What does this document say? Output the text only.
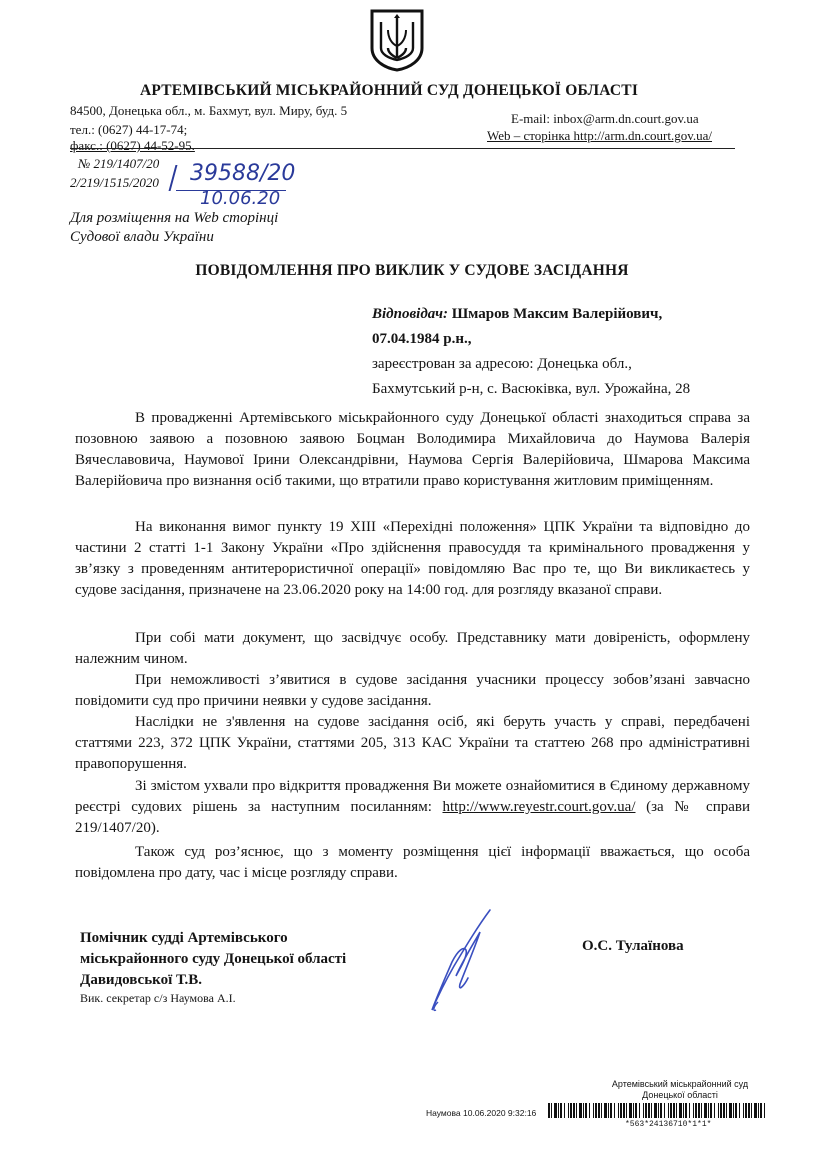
АРТЕМІВСЬКИЙ МІСЬКРАЙОННИЙ СУД ДОНЕЦЬКОЇ ОБЛАСТІ
84500, Донецька обл., м. Бахмут, вул. Миру, буд. 5
тел.: (0627) 44-17-74;
факс.: (0627) 44-52-95.
E-mail: inbox@arm.dn.court.gov.ua
Web – сторінка http://arm.dn.court.gov.ua/
№ 219/1407/20
2/219/1515/2020 39588/20
10.06.20
Для розміщення на Web сторінці
Судової влади України
ПОВІДОМЛЕННЯ ПРО ВИКЛИК У СУДОВЕ ЗАСІДАННЯ
Відповідач: Шмаров Максим Валерійович,
07.04.1984 р.н.,
зареєстрован за адресою: Донецька обл.,
Бахмутський р-н, с. Васюківка, вул. Урожайна, 28

В провадженні Артемівського міськрайонного суду Донецької області знаходиться справа за позовною заявою а позовною заявою Боцман Володимира Михайловича до Наумова Валерія Вячеславовича, Наумової Ірини Олександрівни, Наумова Сергія Валерійовича, Шмарова Максима Валерійовича про визнання осіб такими, що втратили право користування житловим приміщенням.

На виконання вимог пункту 19 XIII «Перехідні положення» ЦПК України та відповідно до частини 2 статті 1-1 Закону України «Про здійснення правосуддя та кримінального провадження у зв’язку з проведенням антитерористичної операції» повідомляю Вас про те, що Ви викликаєтесь у судове засідання, призначене на 23.06.2020 року на 14:00 год. для розгляду вказаної справи.

При собі мати документ, що засвідчує особу. Представнику мати довіреність, оформлену належним чином.

При неможливості з’явитися в судове засідання учасники процессу зобов’язані завчасно повідомити суд про причини неявки у судове засідання.

Наслідки не з'явлення на судове засідання осіб, які беруть участь у справі, передбачені статтями 223, 372 ЦПК України, статтями 205, 313 КАС України та статтею 268 про адміністративні правопорушення.

Зі змістом ухвали про відкриття провадження Ви можете ознайомитися в Єдиному державному реєстрі судових рішень за наступним посиланням: http://www.reyestr.court.gov.ua/ (за № справи 219/1407/20).

Також суд роз’яснює, що з моменту розміщення цієї інформації вважається, що особа повідомлена про дату, час і місце розгляду справи.

Помічник судді Артемівського
міськрайонного суду Донецької області
Давидовської Т.В.
Вик. секретар с/з Наумова А.І.
О.С. Тулаїнова
Артемівський міськрайонний суд
Донецької області
Наумова 10.06.2020 9:32:16
*563*24136710*1*1*
